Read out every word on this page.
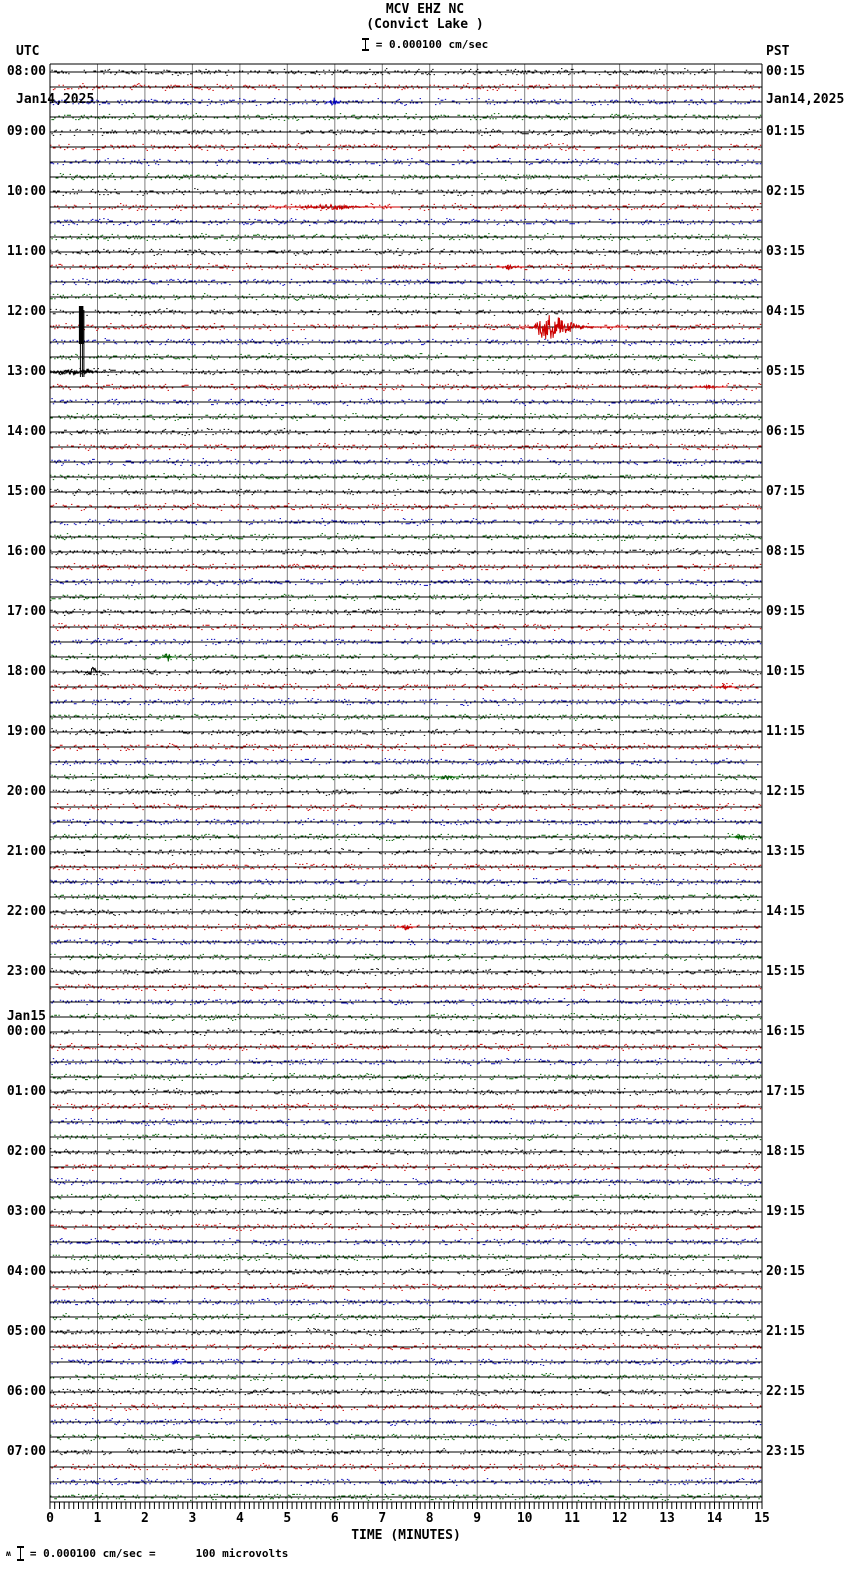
UTC

Jan14,2025

MCV EHZ NC
(Convict Lake )
= 0.000100 cm/sec

	PST

Jan14,2025

08:00
09:00
10:00
11:00
12:00
13:00
14:00
15:00
16:00
17:00
18:00
19:00
20:00
21:00
22:00
23:00
Jan15
00:00
01:00
02:00
03:00
04:00
05:00
06:00
07:00
00:15
01:15
02:15
03:15
04:15
05:15
06:15
07:15
08:15
09:15
10:15
11:15
12:15
13:15
14:15
15:15
16:15
17:15
18:15
19:15
20:15
21:15
22:15
23:15
0	1	2	3	4	5	6	7	8	9	10 11 12 13 14 15
TIME (MINUTES)
ʍ = 0.000100 cm/sec =	100 microvolts
